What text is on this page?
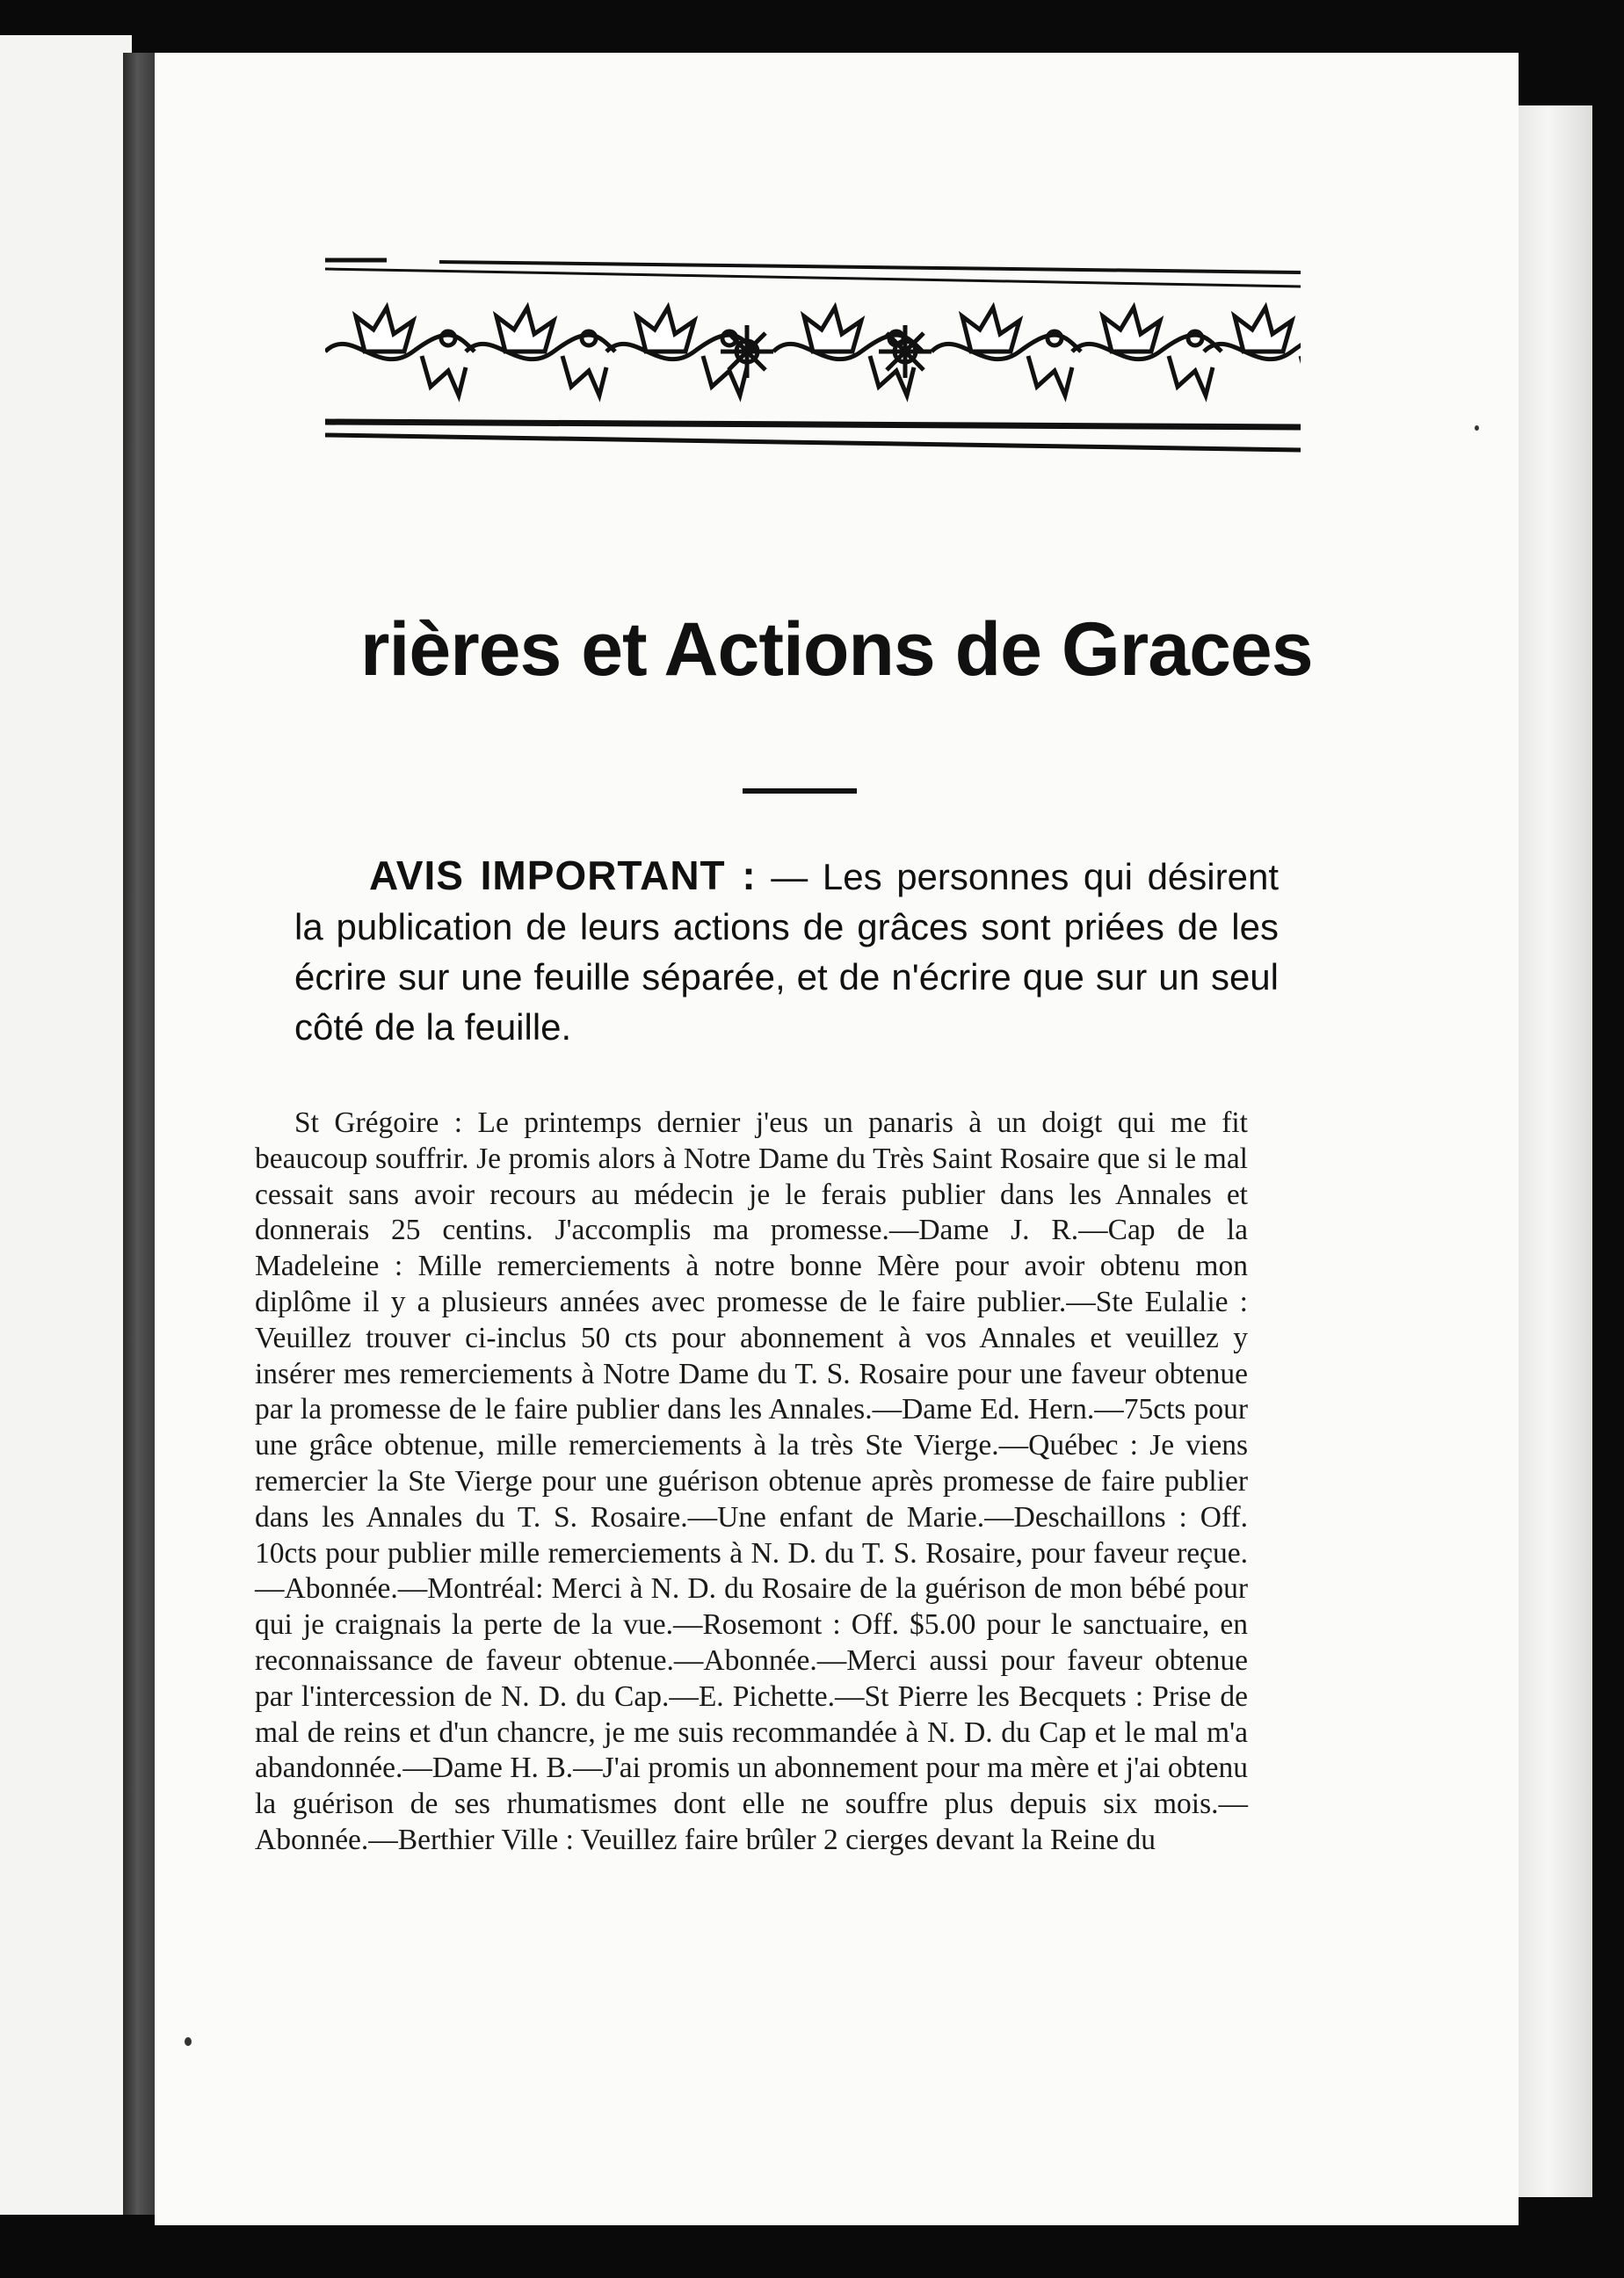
rières et Actions de Graces

AVIS IMPORTANT : — Les personnes qui désirent la publication de leurs actions de grâces sont priées de les écrire sur une feuille séparée, et de n'écrire que sur un seul côté de la feuille.

St Grégoire : Le printemps dernier j'eus un panaris à un doigt qui me fit beaucoup souffrir. Je promis alors à Notre Dame du Très Saint Rosaire que si le mal cessait sans avoir recours au médecin je le ferais publier dans les Annales et donnerais 25 centins. J'accomplis ma promesse.—Dame J. R.—Cap de la Madeleine : Mille remerciements à notre bonne Mère pour avoir obtenu mon diplôme il y a plusieurs années avec promesse de le faire publier.—Ste Eulalie : Veuillez trouver ci-inclus 50 cts pour abonnement à vos Annales et veuillez y insérer mes remerciements à Notre Dame du T. S. Rosaire pour une faveur obtenue par la promesse de le faire publier dans les Annales.—Dame Ed. Hern.—75cts pour une grâce obtenue, mille remerciements à la très Ste Vierge.—Québec : Je viens remercier la Ste Vierge pour une guérison obtenue après promesse de faire publier dans les Annales du T. S. Rosaire.—Une enfant de Marie.—Deschaillons : Off. 10cts pour publier mille remerciements à N. D. du T. S. Rosaire, pour faveur reçue.—Abonnée.—Montréal: Merci à N. D. du Rosaire de la guérison de mon bébé pour qui je craignais la perte de la vue.—Rosemont : Off. $5.00 pour le sanctuaire, en reconnaissance de faveur obtenue.—Abonnée.—Merci aussi pour faveur obtenue par l'intercession de N. D. du Cap.—E. Pichette.—St Pierre les Becquets : Prise de mal de reins et d'un chancre, je me suis recommandée à N. D. du Cap et le mal m'a abandonnée.—Dame H. B.—J'ai promis un abonnement pour ma mère et j'ai obtenu la guérison de ses rhumatismes dont elle ne souffre plus depuis six mois.—Abonnée.—Berthier Ville : Veuillez faire brûler 2 cierges devant la Reine du
